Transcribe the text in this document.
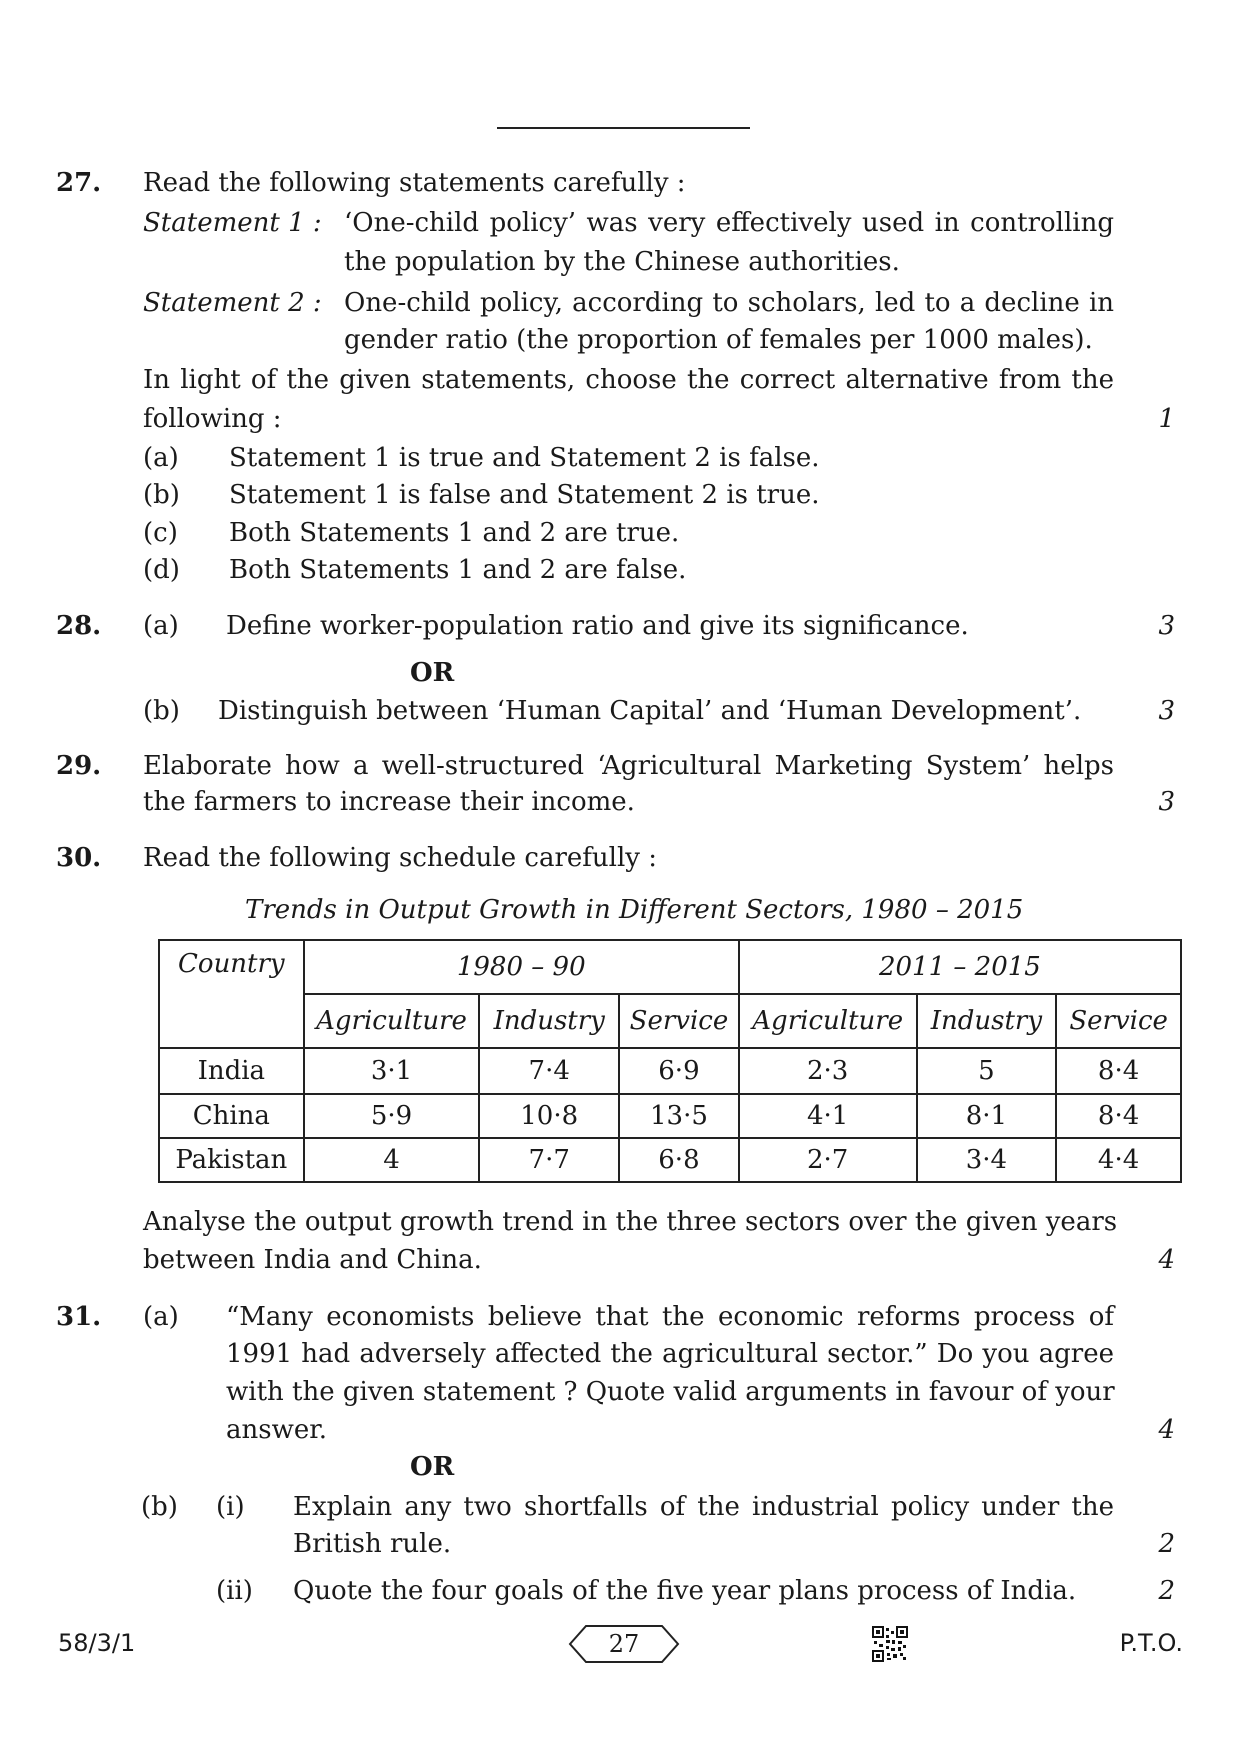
27. Read the following statements carefully :
Statement 1 : ‘One-child policy’ was very effectively used in controlling
the population by the Chinese authorities.
Statement 2 : One-child policy, according to scholars, led to a decline in
gender ratio (the proportion of females per 1000 males).
In light of the given statements, choose the correct alternative from the
following :	1
(a) Statement 1 is true and Statement 2 is false.
(b) Statement 1 is false and Statement 2 is true.
(c) Both Statements 1 and 2 are true.
(d) Both Statements 1 and 2 are false.
28. (a) Define worker-population ratio and give its significance.	3
OR
(b) Distinguish between ‘Human Capital’ and ‘Human Development’.	3
29. Elaborate how a well-structured ‘Agricultural Marketing System’ helps
the farmers to increase their income.	3
30. Read the following schedule carefully :
Trends in Output Growth in Different Sectors, 1980 – 2015
Country	1980 – 90			2011 – 2015		
	Agriculture	Industry	Service	Agriculture	Industry	Service
India	3·1	7·4	6·9	2·3	5	8·4
China	5·9	10·8	13·5	4·1	8·1	8·4
Pakistan	4	7·7	6·8	2·7	3·4	4·4
Analyse the output growth trend in the three sectors over the given years
between India and China.	4
31. (a) “Many economists believe that the economic reforms process of
1991 had adversely affected the agricultural sector.” Do you agree
with the given statement ? Quote valid arguments in favour of your
answer.	4
OR
(b) (i) Explain any two shortfalls of the industrial policy under the
British rule.	2
(ii) Quote the four goals of the five year plans process of India.	2
58/3/1	27	P.T.O.
